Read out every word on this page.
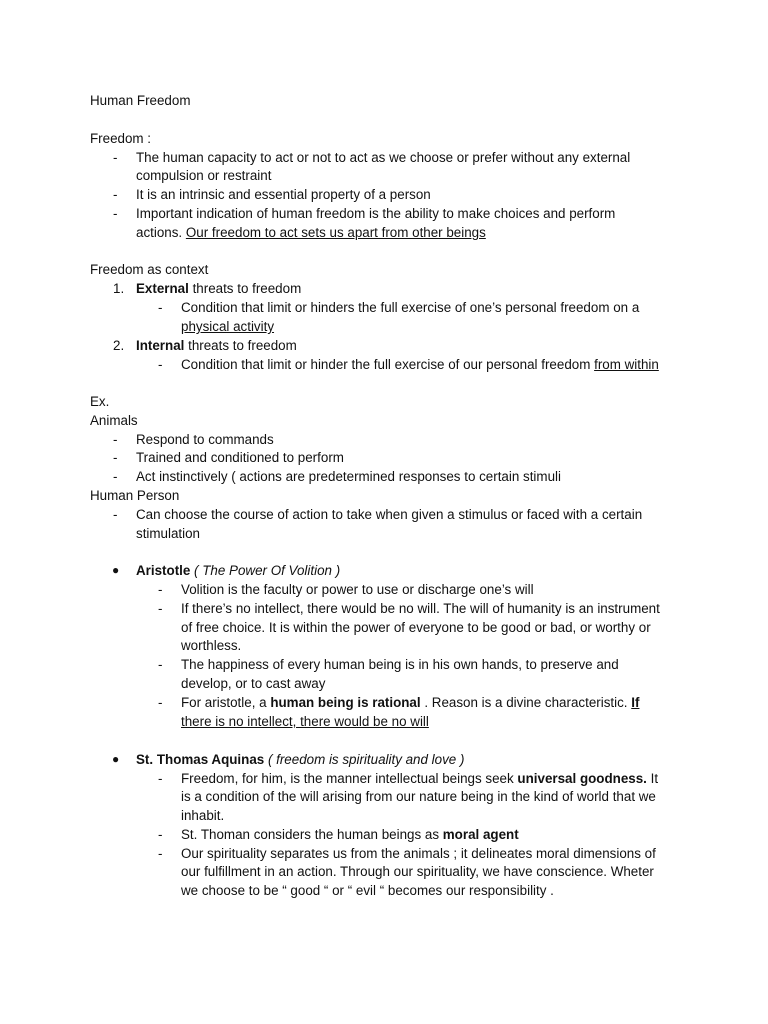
Human Freedom
Freedom :
- The human capacity to act or not to act as we choose or prefer without any external
compulsion or restraint
- It is an intrinsic and essential property of a person
- Important indication of human freedom is the ability to make choices and perform
actions. Our freedom to act sets us apart from other beings
Freedom as context
1. External threats to freedom
- Condition that limit or hinders the full exercise of one’s personal freedom on a
physical activity
2. Internal threats to freedom
- Condition that limit or hinder the full exercise of our personal freedom from within
Ex.
Animals
- Respond to commands
- Trained and conditioned to perform
- Act instinctively ( actions are predetermined responses to certain stimuli
Human Person
- Can choose the course of action to take when given a stimulus or faced with a certain
stimulation
● Aristotle ( The Power Of Volition )
- Volition is the faculty or power to use or discharge one’s will
- If there’s no intellect, there would be no will. The will of humanity is an instrument
of free choice. It is within the power of everyone to be good or bad, or worthy or
worthless.
- The happiness of every human being is in his own hands, to preserve and
develop, or to cast away
- For aristotle, a human being is rational . Reason is a divine characteristic. If
there is no intellect, there would be no will
● St. Thomas Aquinas ( freedom is spirituality and love )
- Freedom, for him, is the manner intellectual beings seek universal goodness. It
is a condition of the will arising from our nature being in the kind of world that we
inhabit.
- St. Thoman considers the human beings as moral agent
- Our spirituality separates us from the animals ; it delineates moral dimensions of
our fulfillment in an action. Through our spirituality, we have conscience. Wheter
we choose to be “ good “ or “ evil “ becomes our responsibility .
